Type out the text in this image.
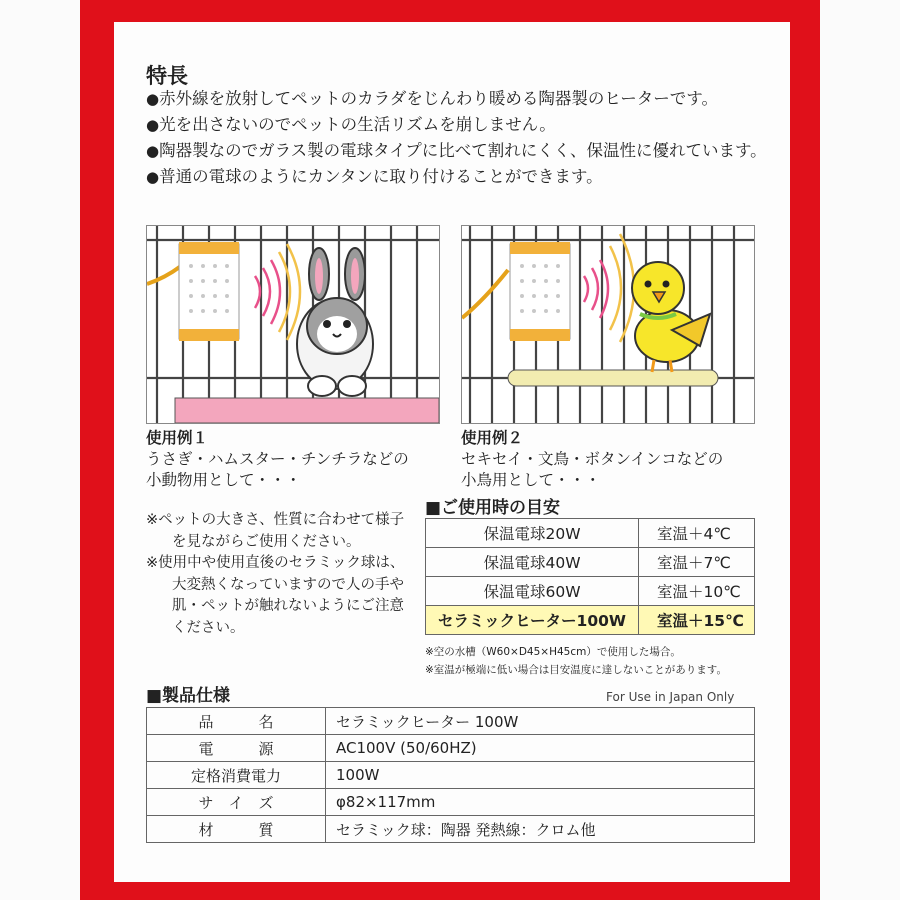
特長
●赤外線を放射してペットのカラダをじんわり暖める陶器製のヒーターです。
●光を出さないのでペットの生活リズムを崩しません。
●陶器製なのでガラス製の電球タイプに比べて割れにくく、保温性に優れています。
●普通の電球のようにカンタンに取り付けることができます。
使用例１
うさぎ・ハムスター・チンチラなどの
小動物用として・・・
使用例２
セキセイ・文鳥・ボタンインコなどの
小鳥用として・・・
※ペットの大きさ、性質に合わせて様子を見ながらご使用ください。
※使用中や使用直後のセラミック球は、大変熱くなっていますので人の手や肌・ペットが触れないようにご注意ください。
■ご使用時の目安
保温電球20W	室温＋4℃
保温電球40W	室温＋7℃
保温電球60W	室温＋10℃
セラミックヒーター100W	室温＋15℃
※空の水槽（W60×D45×H45cm）で使用した場合。
※室温が極端に低い場合は目安温度に達しないことがあります。
■製品仕様	For Use in Japan Only

品　　　名	セラミックヒーター 100W
電　　　源	AC100V (50/60HZ)
定格消費電力	100W
サ　イ　ズ	φ82×117mm
材　　　質	セラミック球：陶器 発熱線：クロム他
